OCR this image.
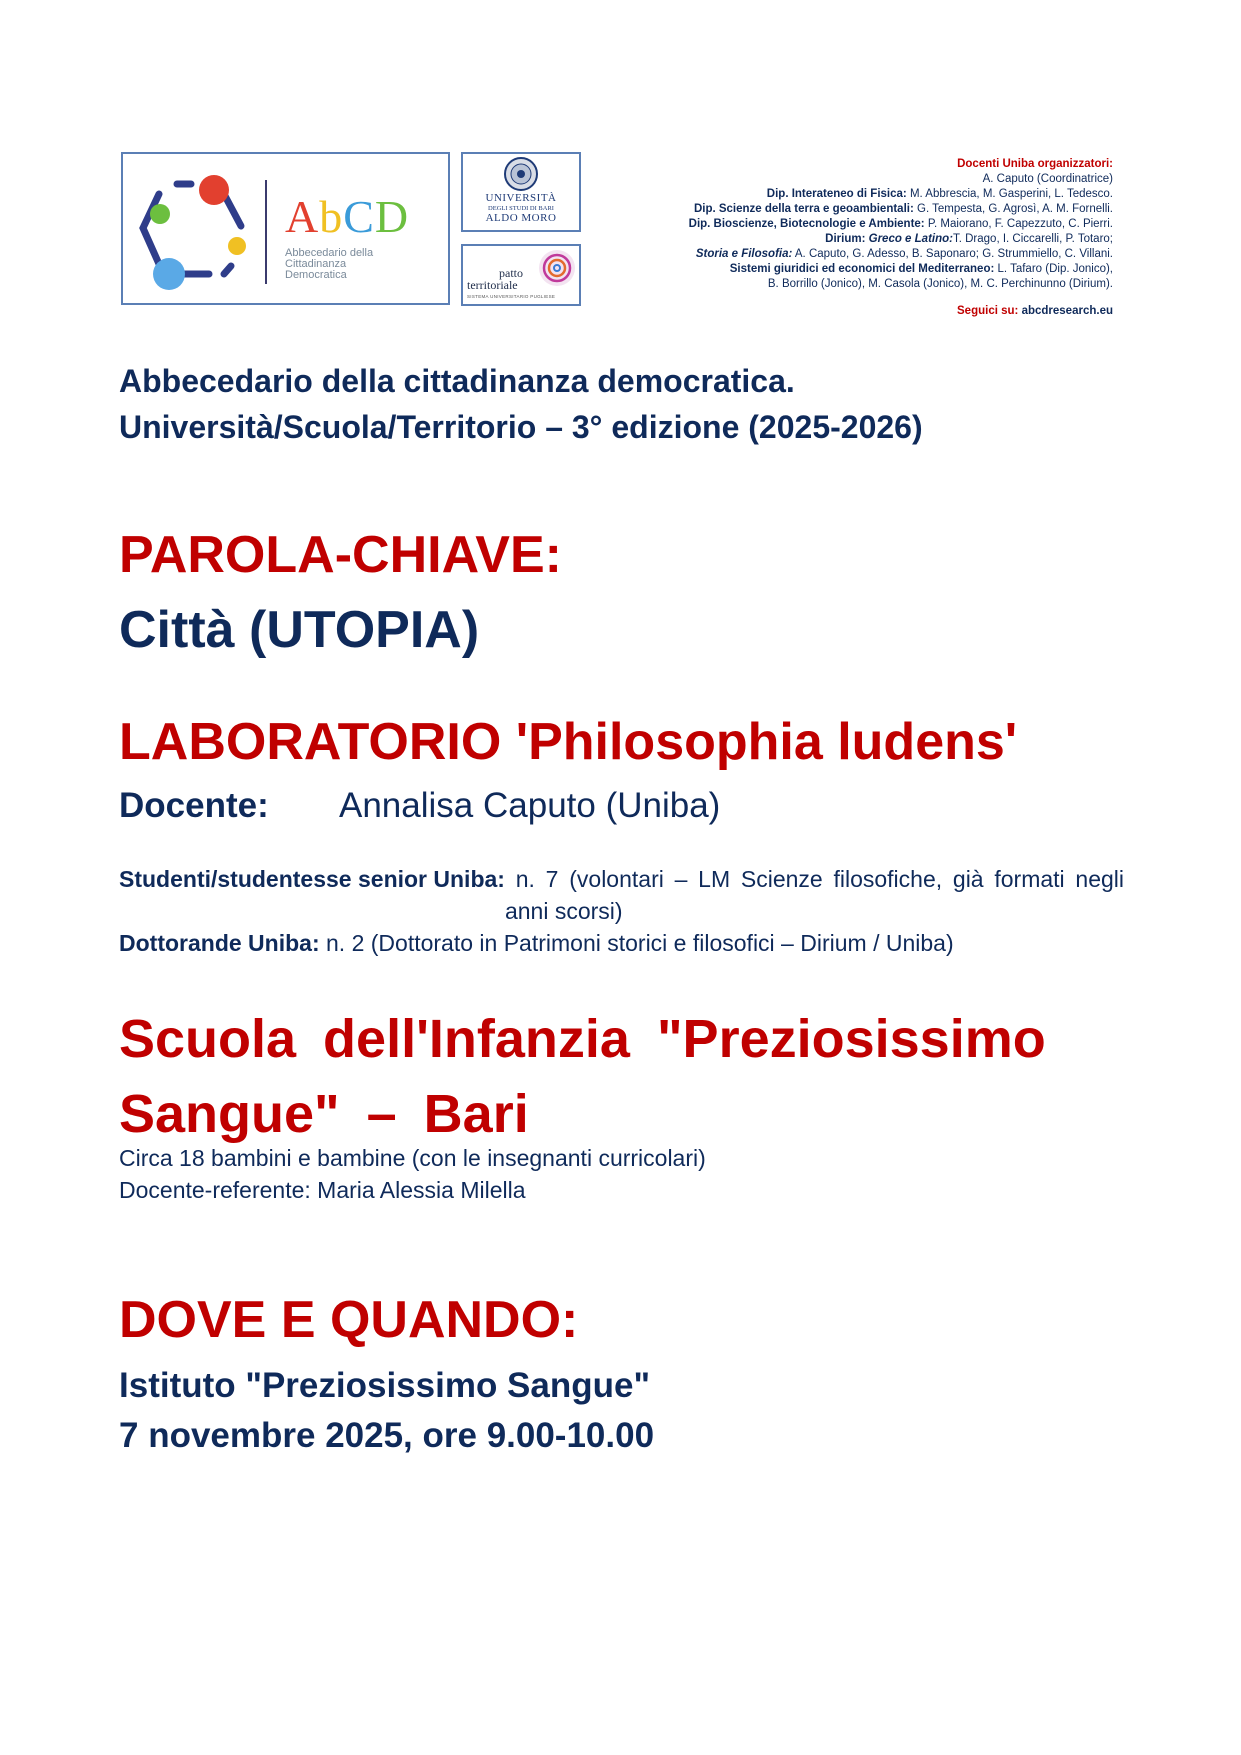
AbCD
Abbecedario della
Cittadinanza
Democratica
UNIVERSITÀ
DEGLI STUDI DI BARI
ALDO MORO
patto
territoriale
SISTEMA UNIVERSITARIO PUGLIESE
Docenti Uniba organizzatori:
A. Caputo (Coordinatrice)
Dip. Interateneo di Fisica: M. Abbrescia, M. Gasperini, L. Tedesco.
Dip. Scienze della terra e geoambientali: G. Tempesta, G. Agrosì, A. M. Fornelli.
Dip. Bioscienze, Biotecnologie e Ambiente: P. Maiorano, F. Capezzuto, C. Pierri.
Dirium: Greco e Latino:T. Drago, I. Ciccarelli, P. Totaro;
Storia e Filosofia: A. Caputo, G. Adesso, B. Saponaro; G. Strummiello, C. Villani.
Sistemi giuridici ed economici del Mediterraneo: L. Tafaro (Dip. Jonico),
B. Borrillo (Jonico), M. Casola (Jonico), M. C. Perchinunno (Dirium).
Seguici su: abcdresearch.eu
Abbecedario della cittadinanza democratica.
Università/Scuola/Territorio – 3° edizione (2025-2026)
PAROLA-CHIAVE:
Città (UTOPIA)
LABORATORIO 'Philosophia ludens'
Docente: Annalisa Caputo (Uniba)
Studenti/studentesse senior Uniba: n. 7 (volontari – LM Scienze filosofiche, già formati negli anni scorsi)
Dottorande Uniba: n. 2 (Dottorato in Patrimoni storici e filosofici – Dirium / Uniba)
Scuola dell'Infanzia "Preziosissimo Sangue" – Bari
Circa 18 bambini e bambine (con le insegnanti curricolari)
Docente-referente: Maria Alessia Milella
DOVE E QUANDO:
Istituto "Preziosissimo Sangue"
7 novembre 2025, ore 9.00-10.00
